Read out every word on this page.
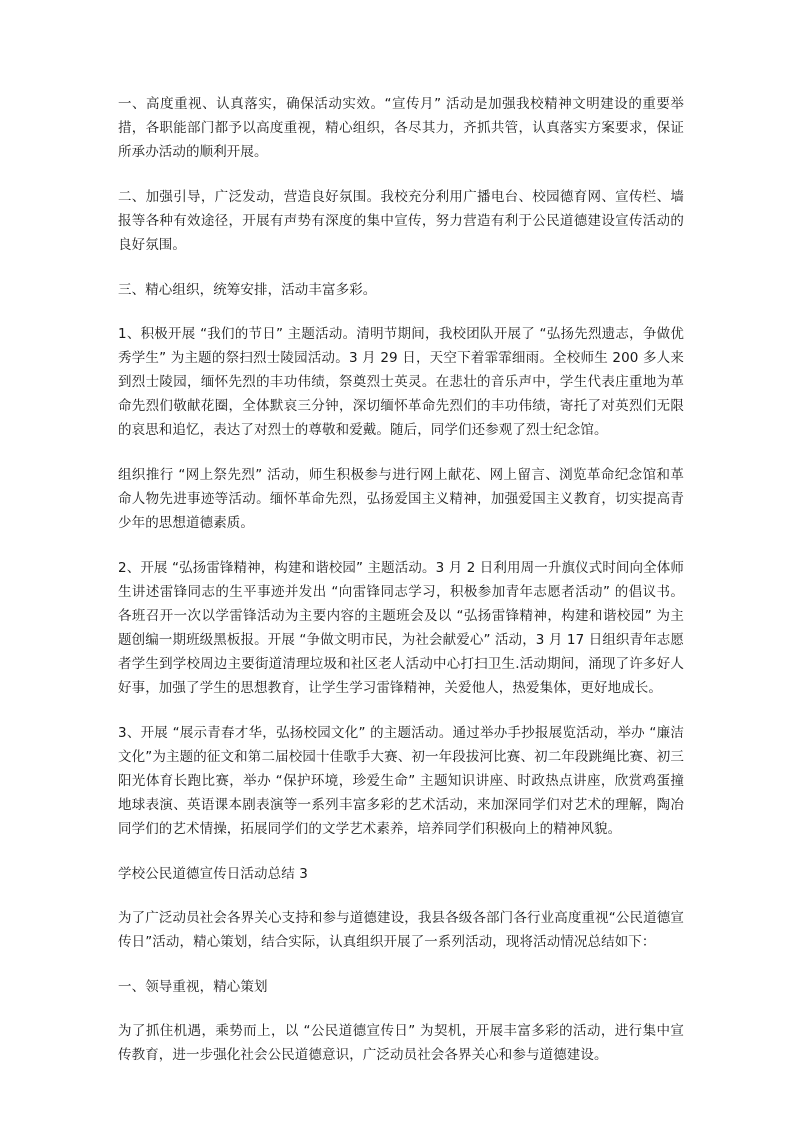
一、高度重视、认真落实，确保活动实效。“宣传月” 活动是加强我校精神文明建设的重要举措，各职能部门都予以高度重视，精心组织，各尽其力，齐抓共管，认真落实方案要求，保证所承办活动的顺利开展。

二、加强引导，广泛发动，营造良好氛围。我校充分利用广播电台、校园德育网、宣传栏、墙报等各种有效途径，开展有声势有深度的集中宣传，努力营造有利于公民道德建设宣传活动的良好氛围。

三、精心组织，统筹安排，活动丰富多彩。

1、积极开展 “我们的节日” 主题活动。清明节期间，我校团队开展了 “弘扬先烈遗志，争做优秀学生” 为主题的祭扫烈士陵园活动。3 月 29 日，天空下着霏霏细雨。全校师生 200 多人来到烈士陵园，缅怀先烈的丰功伟绩，祭奠烈士英灵。在悲壮的音乐声中，学生代表庄重地为革命先烈们敬献花圈，全体默哀三分钟，深切缅怀革命先烈们的丰功伟绩，寄托了对英烈们无限的哀思和追忆，表达了对烈士的尊敬和爱戴。随后，同学们还参观了烈士纪念馆。

组织推行 “网上祭先烈” 活动，师生积极参与进行网上献花、网上留言、浏览革命纪念馆和革命人物先进事迹等活动。缅怀革命先烈，弘扬爱国主义精神，加强爱国主义教育，切实提高青少年的思想道德素质。

2、开展 “弘扬雷锋精神，构建和谐校园” 主题活动。3 月 2 日利用周一升旗仪式时间向全体师生讲述雷锋同志的生平事迹并发出 “向雷锋同志学习，积极参加青年志愿者活动” 的倡议书。各班召开一次以学雷锋活动为主要内容的主题班会及以 “弘扬雷锋精神，构建和谐校园” 为主题创编一期班级黑板报。开展 “争做文明市民，为社会献爱心” 活动，3 月 17 日组织青年志愿者学生到学校周边主要街道清理垃圾和社区老人活动中心打扫卫生.活动期间，涌现了许多好人好事，加强了学生的思想教育，让学生学习雷锋精神，关爱他人，热爱集体，更好地成长。

3、开展 “展示青春才华，弘扬校园文化” 的主题活动。通过举办手抄报展览活动，举办 “廉洁文化”为主题的征文和第二届校园十佳歌手大赛、初一年段拔河比赛、初二年段跳绳比赛、初三阳光体育长跑比赛，举办 “保护环境，珍爱生命” 主题知识讲座、时政热点讲座，欣赏鸡蛋撞地球表演、英语课本剧表演等一系列丰富多彩的艺术活动，来加深同学们对艺术的理解，陶冶同学们的艺术情操，拓展同学们的文学艺术素养，培养同学们积极向上的精神风貌。

学校公民道德宣传日活动总结 3

为了广泛动员社会各界关心支持和参与道德建设，我县各级各部门各行业高度重视“公民道德宣传日”活动，精心策划，结合实际，认真组织开展了一系列活动，现将活动情况总结如下：

一、领导重视，精心策划

为了抓住机遇，乘势而上，以 “公民道德宣传日” 为契机，开展丰富多彩的活动，进行集中宣传教育，进一步强化社会公民道德意识，广泛动员社会各界关心和参与道德建设。
